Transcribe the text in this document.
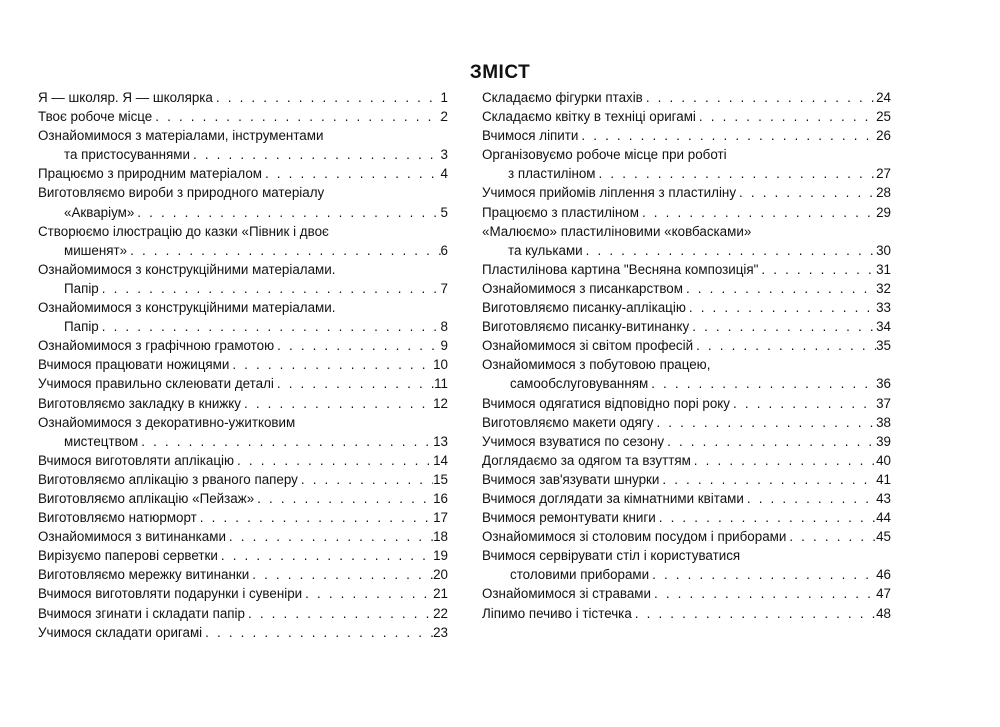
ЗМІСТ
Я — школяр. Я — школярка . . .	1
Твоє робоче місце . . .	2
Ознайомимося з матеріалами, інструментами
та пристосуваннями . . .	3
Працюємо з природним матеріалом . . .	4
Виготовляємо вироби з природного матеріалу
«Акваріум» . . .	5
Створюємо ілюстрацію до казки «Півник і двоє
мишенят» . . .	6
Ознайомимося з конструкційними матеріалами.
Папір . . .	7
Ознайомимося з конструкційними матеріалами.
Папір . . .	8
Ознайомимося з графічною грамотою . . .	9
Вчимося працювати ножицями . . .	10
Учимося правильно склеювати деталі . . .	11
Виготовляємо закладку в книжку . . .	12
Ознайомимося з декоративно-ужитковим
мистецтвом . . .	13
Вчимося виготовляти аплікацію . . .	14
Виготовляємо аплікацію з рваного паперу . . .	15
Виготовляємо аплікацію «Пейзаж» . . .	16
Виготовляємо натюрморт . . .	17
Ознайомимося з витинанками . . .	18
Вирізуємо паперові серветки . . .	19
Виготовляємо мережку витинанки . . .	20
Вчимося виготовляти подарунки і сувеніри . . .	21
Вчимося згинати і складати папір . . .	22
Учимося складати оригамі . . .	23
Складаємо фігурки птахів . . .	24
Складаємо квітку в техніці оригамі . . .	25
Вчимося ліпити . . .	26
Організовуємо робоче місце при роботі
з пластиліном . . .	27
Учимося прийомів ліплення з пластиліну . . .	28
Працюємо з пластиліном . . .	29
«Малюємо» пластиліновими «ковбасками»
та кульками . . .	30
Пластилінова картина "Весняна композиція" . . .	31
Ознайомимося з писанкарством . . .	32
Виготовляємо писанку-аплікацію . . .	33
Виготовляємо писанку-витинанку . . .	34
Ознайомимося зі світом професій . . .	35
Ознайомимося з побутовою працею,
самообслуговуванням . . .	36
Вчимося одягатися відповідно порі року . . .	37
Виготовляємо макети одягу . . .	38
Учимося взуватися по сезону . . .	39
Доглядаємо за одягом та взуттям . . .	40
Вчимося зав'язувати шнурки . . .	41
Вчимося доглядати за кімнатними квітами . . .	43
Вчимося ремонтувати книги . . .	44
Ознайомимося зі столовим посудом і приборами . . .	45
Вчимося сервірувати стіл і користуватися
столовими приборами . . .	46
Ознайомимося зі стравами . . .	47
Ліпимо печиво і тістечка . . .	48
